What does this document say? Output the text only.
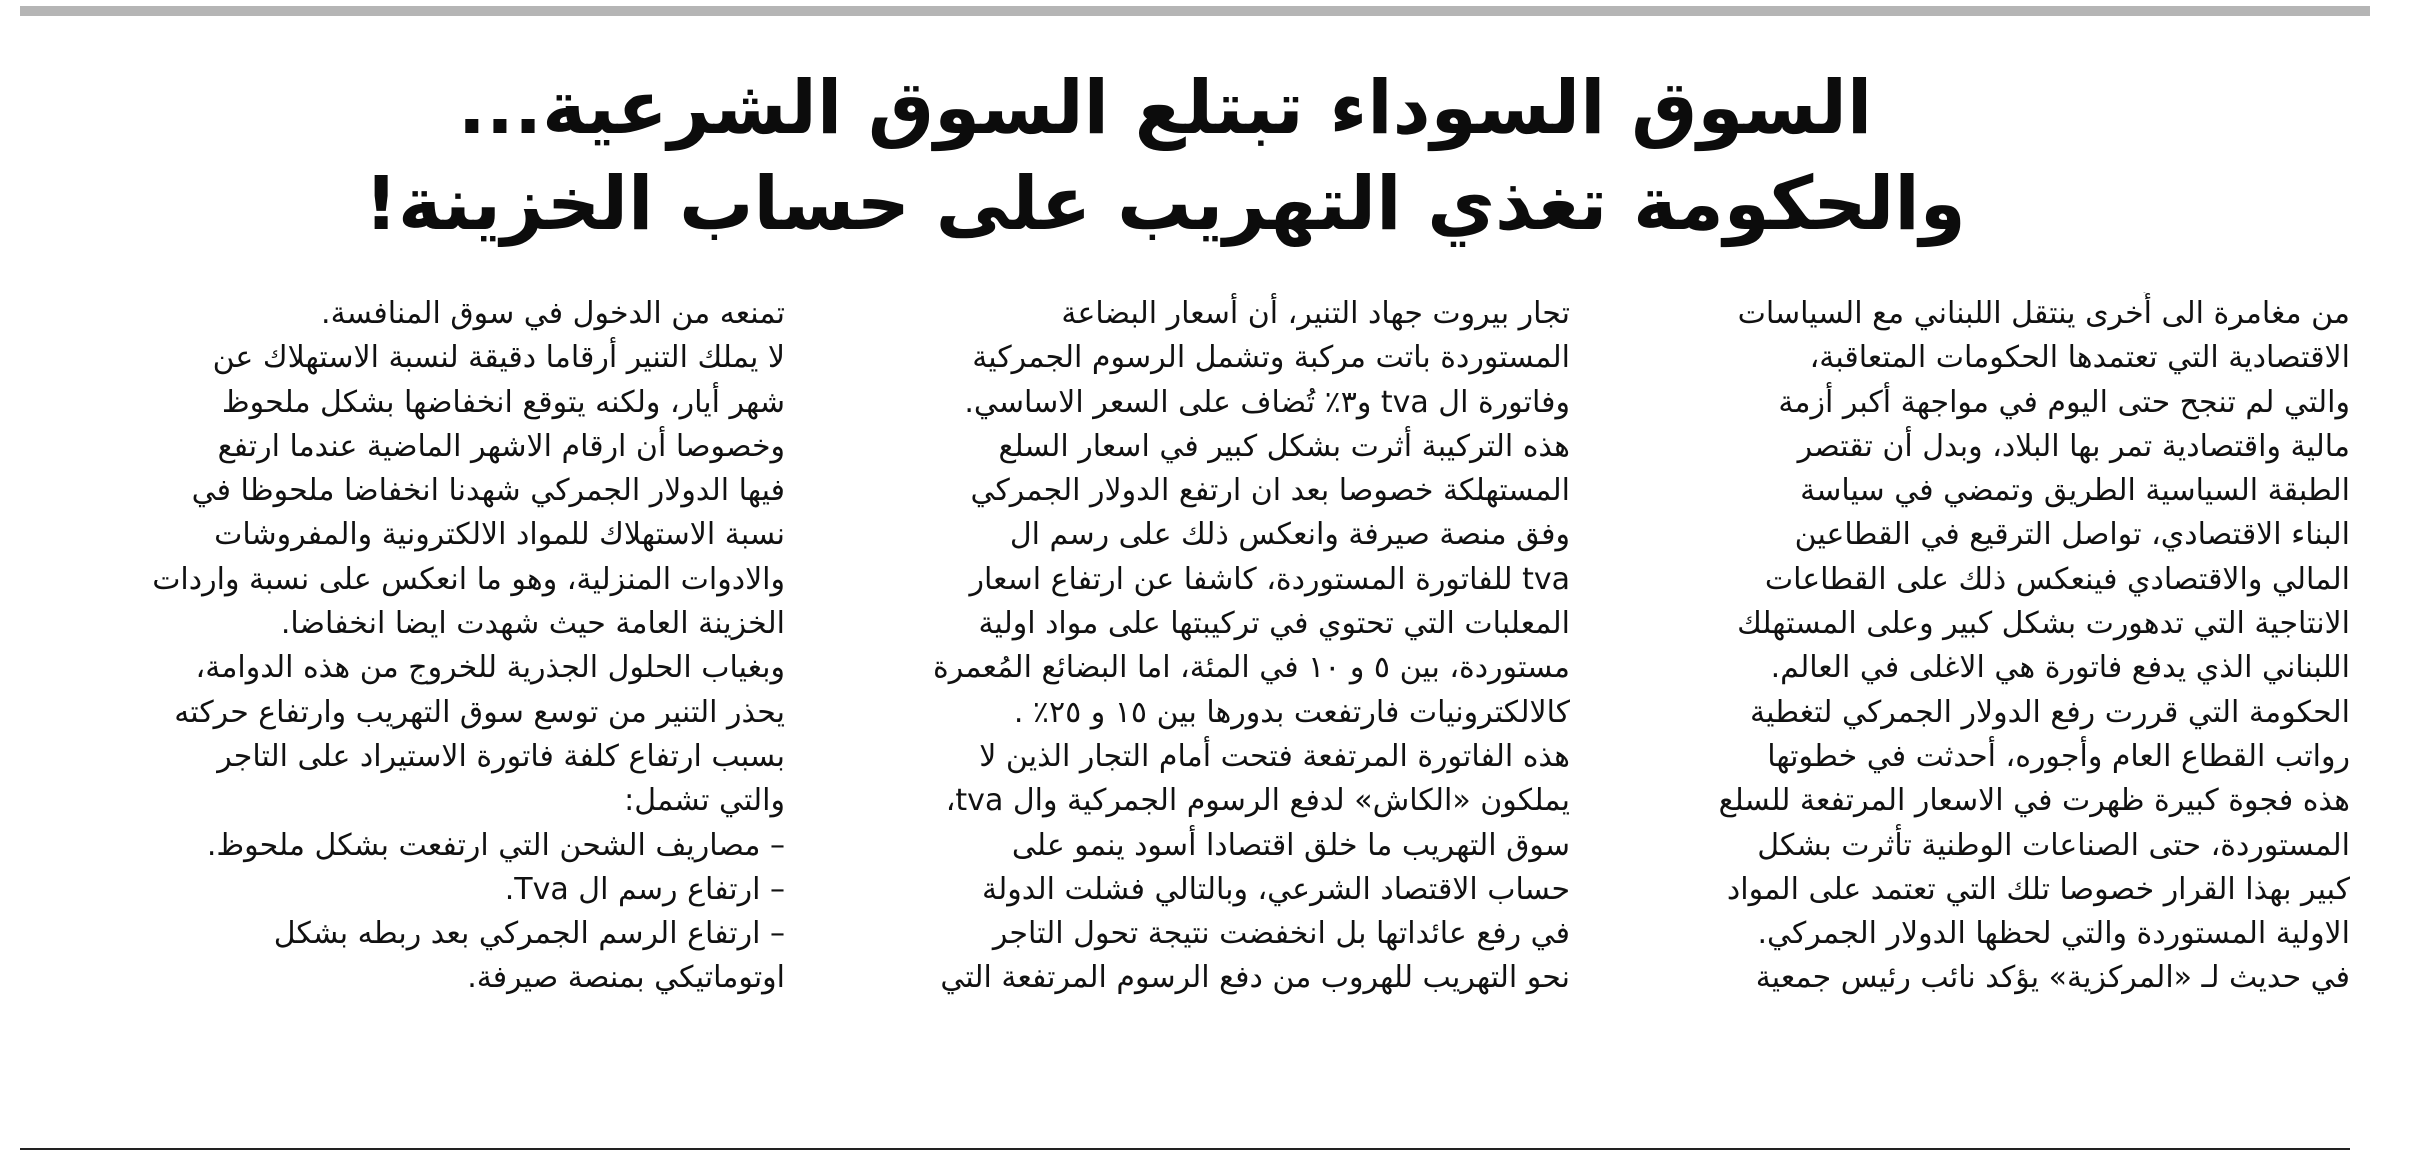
السوق السوداء تبتلع السوق الشرعية...
والحكومة تغذي التهريب على حساب الخزينة!
من مغامرة الى أُخرى ينتقل اللبناني مع السياسات
الاقتصادية التي تعتمدها الحكومات المتعاقبة،
والتي لم تنجح حتى اليوم في مواجهة أكبر أزمة
مالية واقتصادية تمر بها البلاد، وبدل أن تقتصر
الطبقة السياسية الطريق وتمضي في سياسة
البناء الاقتصادي، تواصل الترقيع في القطاعين
المالي والاقتصادي فينعكس ذلك على القطاعات
الانتاجية التي تدهورت بشكل كبير وعلى المستهلك
اللبناني الذي يدفع فاتورة هي الاغلى في العالم.
الحكومة التي قررت رفع الدولار الجمركي لتغطية
رواتب القطاع العام وأجوره، أحدثت في خطوتها
هذه فجوة كبيرة ظهرت في الاسعار المرتفعة للسلع
المستوردة، حتى الصناعات الوطنية تأثرت بشكل
كبير بهذا القرار خصوصا تلك التي تعتمد على المواد
الاولية المستوردة والتي لحظها الدولار الجمركي.
في حديث لـ «المركزية» يؤكد نائب رئيس جمعية
تجار بيروت جهاد التنير، أن أسعار البضاعة
المستوردة باتت مركبة وتشمل الرسوم الجمركية
وفاتورة ال tva و٣٪ تُضاف على السعر الاساسي.
هذه التركيبة أثرت بشكل كبير في اسعار السلع
المستهلكة خصوصا بعد ان ارتفع الدولار الجمركي
وفق منصة صيرفة وانعكس ذلك على رسم ال
tva للفاتورة المستوردة، كاشفا عن ارتفاع اسعار
المعلبات التي تحتوي في تركيبتها على مواد اولية
مستوردة، بين ٥ و ١٠ في المئة، اما البضائع المُعمرة
كالالكترونيات فارتفعت بدورها بين ١٥ و ٢٥٪ .
هذه الفاتورة المرتفعة فتحت أمام التجار الذين لا
يملكون «الكاش» لدفع الرسوم الجمركية وال tva،
سوق التهريب ما خلق اقتصادا أسود ينمو على
حساب الاقتصاد الشرعي، وبالتالي فشلت الدولة
في رفع عائداتها بل انخفضت نتيجة تحول التاجر
نحو التهريب للهروب من دفع الرسوم المرتفعة التي
تمنعه من الدخول في سوق المنافسة.
لا يملك التنير أرقاما دقيقة لنسبة الاستهلاك عن
شهر أيار، ولكنه يتوقع انخفاضها بشكل ملحوظ
وخصوصا أن ارقام الاشهر الماضية عندما ارتفع
فيها الدولار الجمركي شهدنا انخفاضا ملحوظا في
نسبة الاستهلاك للمواد الالكترونية والمفروشات
والادوات المنزلية، وهو ما انعكس على نسبة واردات
الخزينة العامة حيث شهدت ايضا انخفاضا.
وبغياب الحلول الجذرية للخروج من هذه الدوامة،
يحذر التنير من توسع سوق التهريب وارتفاع حركته
بسبب ارتفاع كلفة فاتورة الاستيراد على التاجر
والتي تشمل:
– مصاريف الشحن التي ارتفعت بشكل ملحوظ.
– ارتفاع رسم ال Tva.
– ارتفاع الرسم الجمركي بعد ربطه بشكل
اوتوماتيكي بمنصة صيرفة.
